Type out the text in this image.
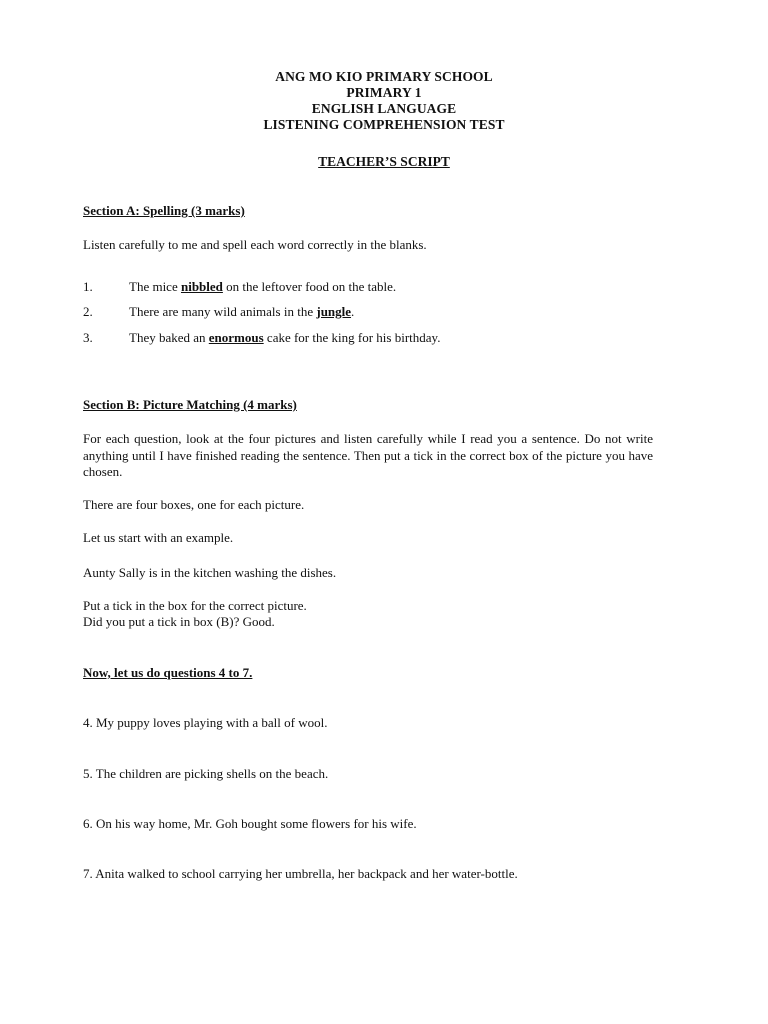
ANG MO KIO PRIMARY SCHOOL
PRIMARY 1
ENGLISH LANGUAGE
LISTENING COMPREHENSION TEST
TEACHER’S SCRIPT
Section A: Spelling (3 marks)
Listen carefully to me and spell each word correctly in the blanks.
1.	The mice nibbled on the leftover food on the table.
2.	There are many wild animals in the jungle.
3.	They baked an enormous cake for the king for his birthday.
Section B: Picture Matching (4 marks)
For each question, look at the four pictures and listen carefully while I read you a sentence. Do not write anything until I have finished reading the sentence. Then put a tick in the correct box of the picture you have chosen.
There are four boxes, one for each picture.
Let us start with an example.
Aunty Sally is in the kitchen washing the dishes.
Put a tick in the box for the correct picture.
Did you put a tick in box (B)? Good.
Now, let us do questions 4 to 7.
4. My puppy loves playing with a ball of wool.
5. The children are picking shells on the beach.
6. On his way home, Mr. Goh bought some flowers for his wife.
7. Anita walked to school carrying her umbrella, her backpack and her water-bottle.
